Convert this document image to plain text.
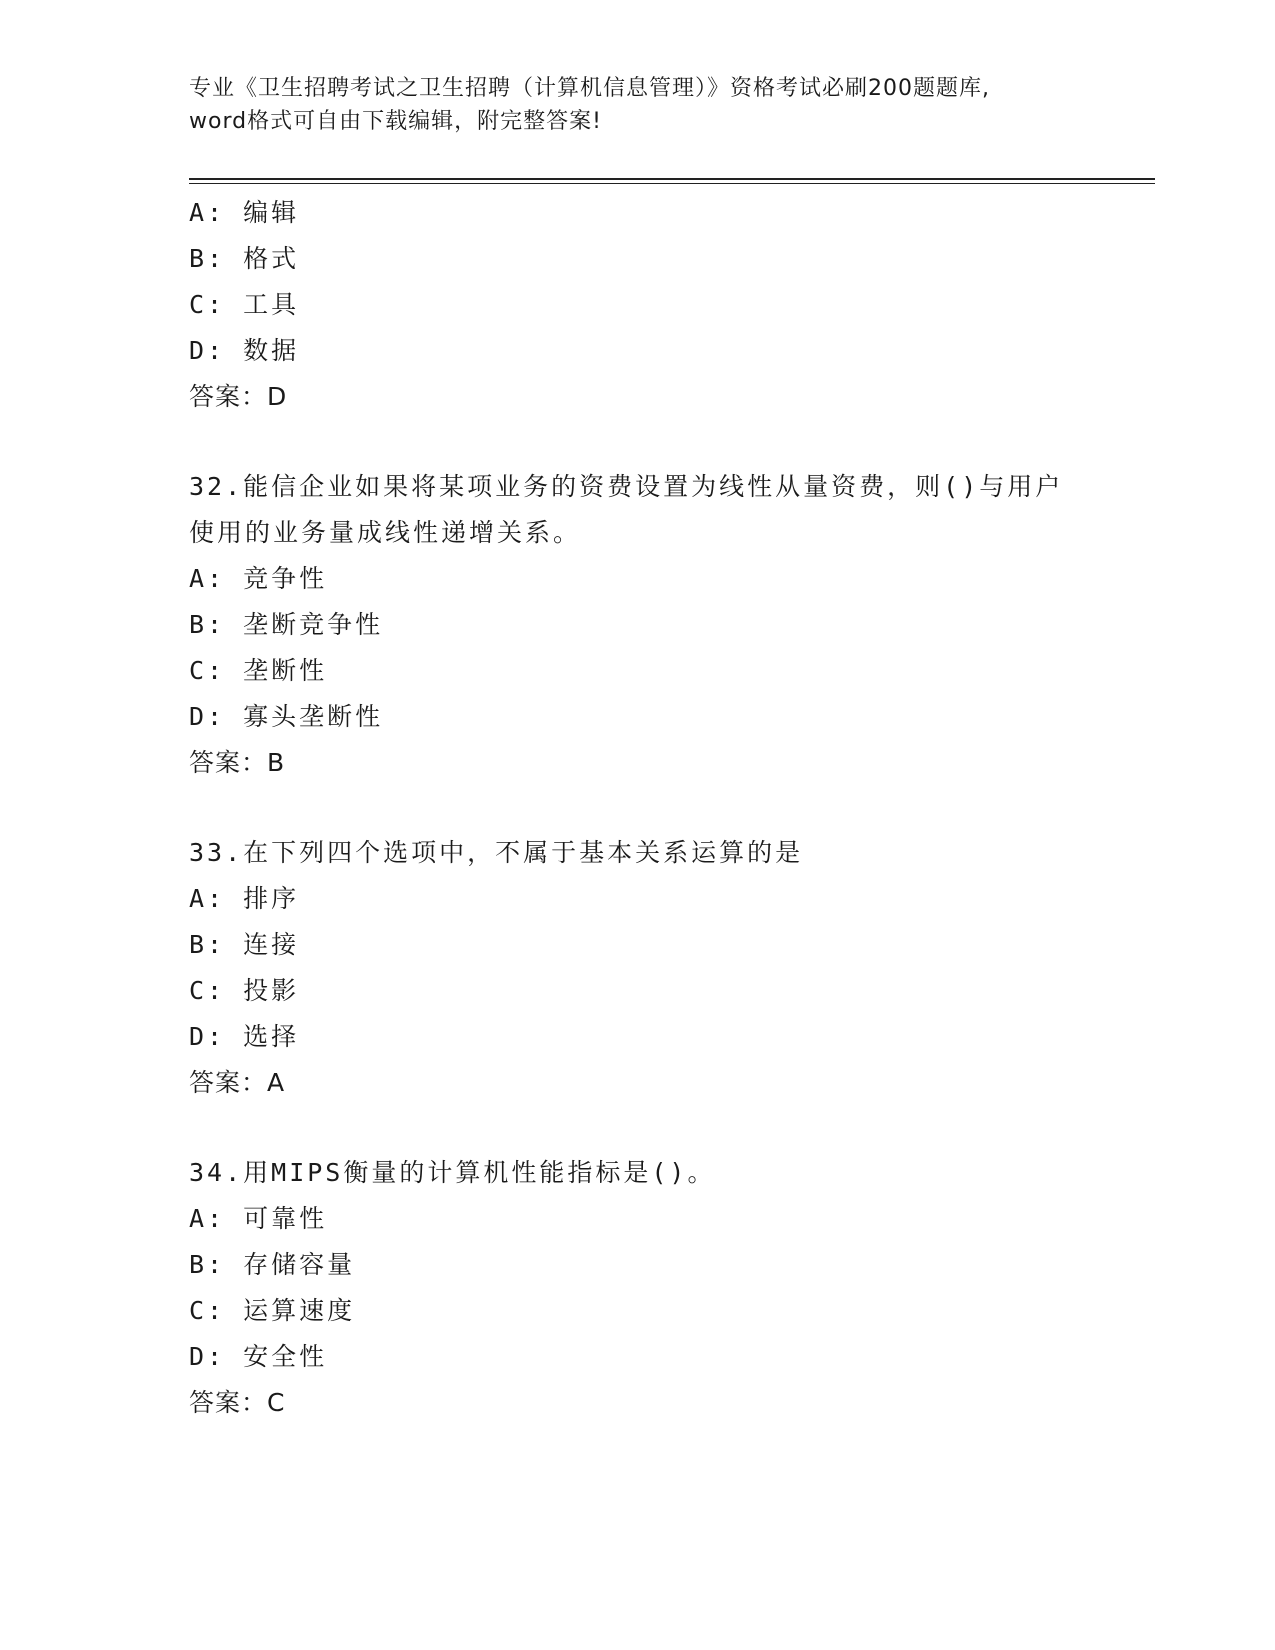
专业《卫生招聘考试之卫生招聘（计算机信息管理）》资格考试必刷200题题库,
word格式可自由下载编辑，附完整答案!
A: 编辑
B: 格式
C: 工具
D: 数据
答案：D
32.能信企业如果将某项业务的资费设置为线性从量资费，则()与用户
使用的业务量成线性递增关系。
A: 竞争性
B: 垄断竞争性
C: 垄断性
D: 寡头垄断性
答案：B
33.在下列四个选项中，不属于基本关系运算的是
A: 排序
B: 连接
C: 投影
D: 选择
答案：A
34.用MIPS衡量的计算机性能指标是()。
A: 可靠性
B: 存储容量
C: 运算速度
D: 安全性
答案：C
